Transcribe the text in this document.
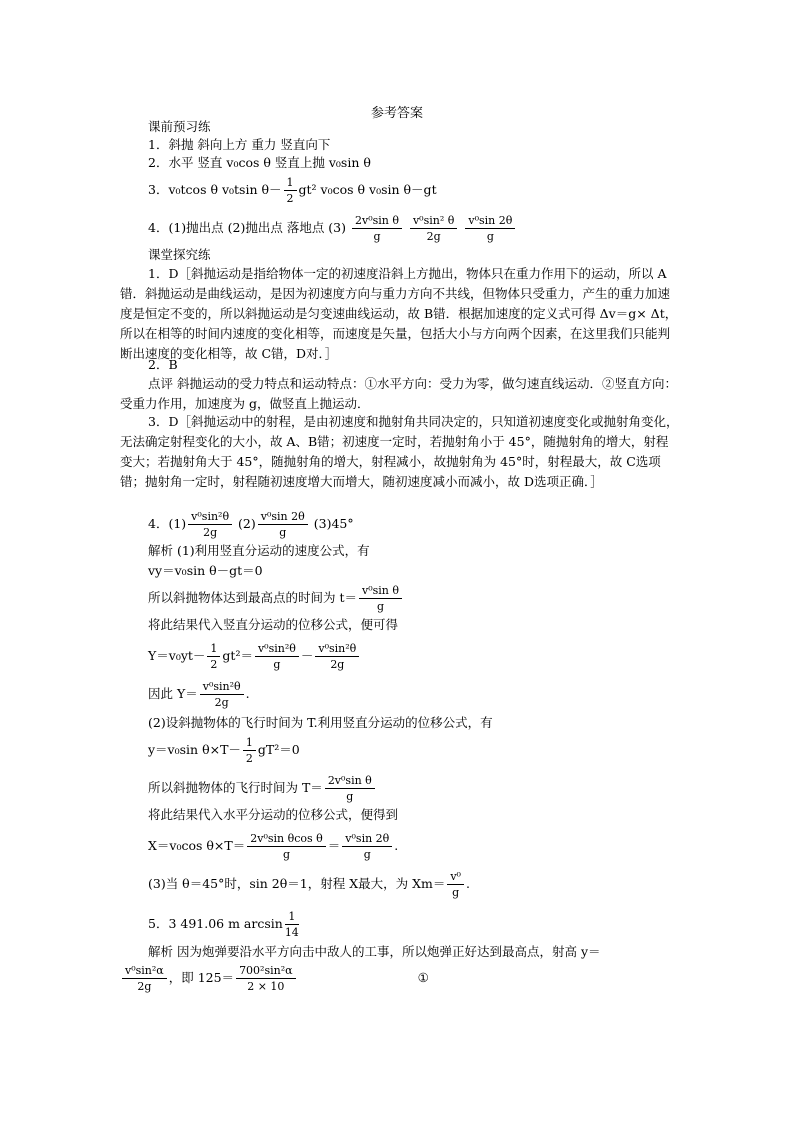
参考答案
课前预习练
1．斜抛 斜向上方 重力 竖直向下
2．水平 竖直 v₀cos θ 竖直上抛 v₀sin θ
3．v₀tcos θ v₀tsin $\theta- \frac{1}{2} gt^2$ v₀cos θ v₀sin θ－gt
4．(1)抛出点 (2)抛出点 落地点 $(3) \frac{\text{2v⁰sin θ}}{g}$
$\frac{\text{v⁰sin² θ}}{2g}$
$\frac{\text{v⁰sin 2θ}}{g}$
课堂探究练
1．D［斜抛运动是指给物体一定的初速度沿斜上方抛出，物体只在重力作用下的运动，所以 A错．斜抛运动是曲线运动，是因为初速度方向与重力方向不共线，但物体只受重力，产生的重力加速度是恒定不变的，所以斜抛运动是匀变速曲线运动，故 B错．根据加速度的定义式可得 Δv＝g× Δt，所以在相等的时间内速度的变化相等，而速度是矢量，包括大小与方向两个因素，在这里我们只能判断出速度的变化相等，故 C错，D对．］
2．B
点评 斜抛运动的受力特点和运动特点：①水平方向：受力为零，做匀速直线运动．②竖直方向：受重力作用，加速度为 g，做竖直上抛运动．
3．D［斜抛运动中的射程，是由初速度和抛射角共同决定的，只知道初速度变化或抛射角变化，无法确定射程变化的大小，故 A、B错；初速度一定时，若抛射角小于 45°，随抛射角的增大，射程变大；若抛射角大于 45°，随抛射角的增大，射程减小，故抛射角为 45°时，射程最大，故 C选项错；抛射角一定时，射程随初速度增大而增大，随初速度减小而减小，故 D选项正确．］
4．$(1) \frac{\text{v⁰sin²θ}}{2g} (2) \frac{\text{v⁰sin 2θ}}{g} (3)45^\circ$
解析 (1)利用竖直分运动的速度公式，有
vy＝v₀sin θ－gt＝0
所以斜抛物体达到最高点的时间为 $t= \frac{\text{v⁰sin θ}}{g}$
将此结果代入竖直分运动的位移公式，便可得
$Y=v_0yt- \frac{1}{2} gt^2= \frac{\text{v⁰sin²θ}}{g} - \frac{\text{v⁰sin²θ}}{2g}$
因此 $Y= \frac{\text{v⁰sin²θ}}{2g}$ .
(2)设斜抛物体的飞行时间为 T.利用竖直分运动的位移公式，有
y＝v₀sin $\theta\times T- \frac{1}{2} gT^2=0$
所以斜抛物体的飞行时间为 $T= \frac{\text{2v⁰sin θ}}{g}$
将此结果代入水平分运动的位移公式，便得到
X＝v₀cos $\theta\times T= \frac{\text{2v⁰sin θcos θ}}{g} = \frac{\text{v⁰sin 2θ}}{g}$ .
(3)当 θ＝45°时，sin 2θ＝1，射程 X最大，为 $Xm= \frac{\text{v⁰}}{g}$ .
5．3 491.06 m $\arcsin \frac{1}{14}$
解析 因为炮弹要沿水平方向击中敌人的工事，所以炮弹正好达到最高点，射高 y＝
$\frac{\text{v⁰sin²α}}{2g}$ ，即 $125= \frac{\text{700²sin²α}}{2 \times 10}$	①
